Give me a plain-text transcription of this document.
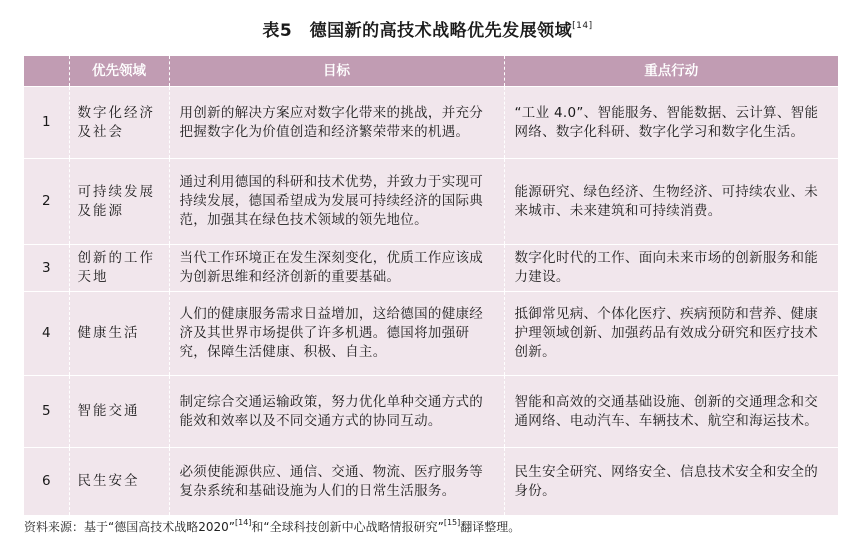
表5　德国新的高技术战略优先发展领域[14]
	优先领域	目标	重点行动
1	数字化经济及社会	用创新的解决方案应对数字化带来的挑战，并充分把握数字化为价值创造和经济繁荣带来的机遇。	“工业 4.0”、智能服务、智能数据、云计算、智能网络、数字化科研、数字化学习和数字化生活。
2	可持续发展及能源	通过利用德国的科研和技术优势，并致力于实现可持续发展，德国希望成为发展可持续经济的国际典范，加强其在绿色技术领域的领先地位。	能源研究、绿色经济、生物经济、可持续农业、未来城市、未来建筑和可持续消费。
3	创新的工作天地	当代工作环境正在发生深刻变化，优质工作应该成为创新思维和经济创新的重要基础。	数字化时代的工作、面向未来市场的创新服务和能力建设。
4	健康生活	人们的健康服务需求日益增加，这给德国的健康经济及其世界市场提供了许多机遇。德国将加强研究，保障生活健康、积极、自主。	抵御常见病、个体化医疗、疾病预防和营养、健康护理领域创新、加强药品有效成分研究和医疗技术创新。
5	智能交通	制定综合交通运输政策，努力优化单种交通方式的能效和效率以及不同交通方式的协同互动。	智能和高效的交通基础设施、创新的交通理念和交通网络、电动汽车、车辆技术、航空和海运技术。
6	民生安全	必须使能源供应、通信、交通、物流、医疗服务等复杂系统和基础设施为人们的日常生活服务。	民生安全研究、网络安全、信息技术安全和安全的身份。
资料来源：基于“德国高技术战略2020”[14]和“全球科技创新中心战略情报研究”[15]翻译整理。
